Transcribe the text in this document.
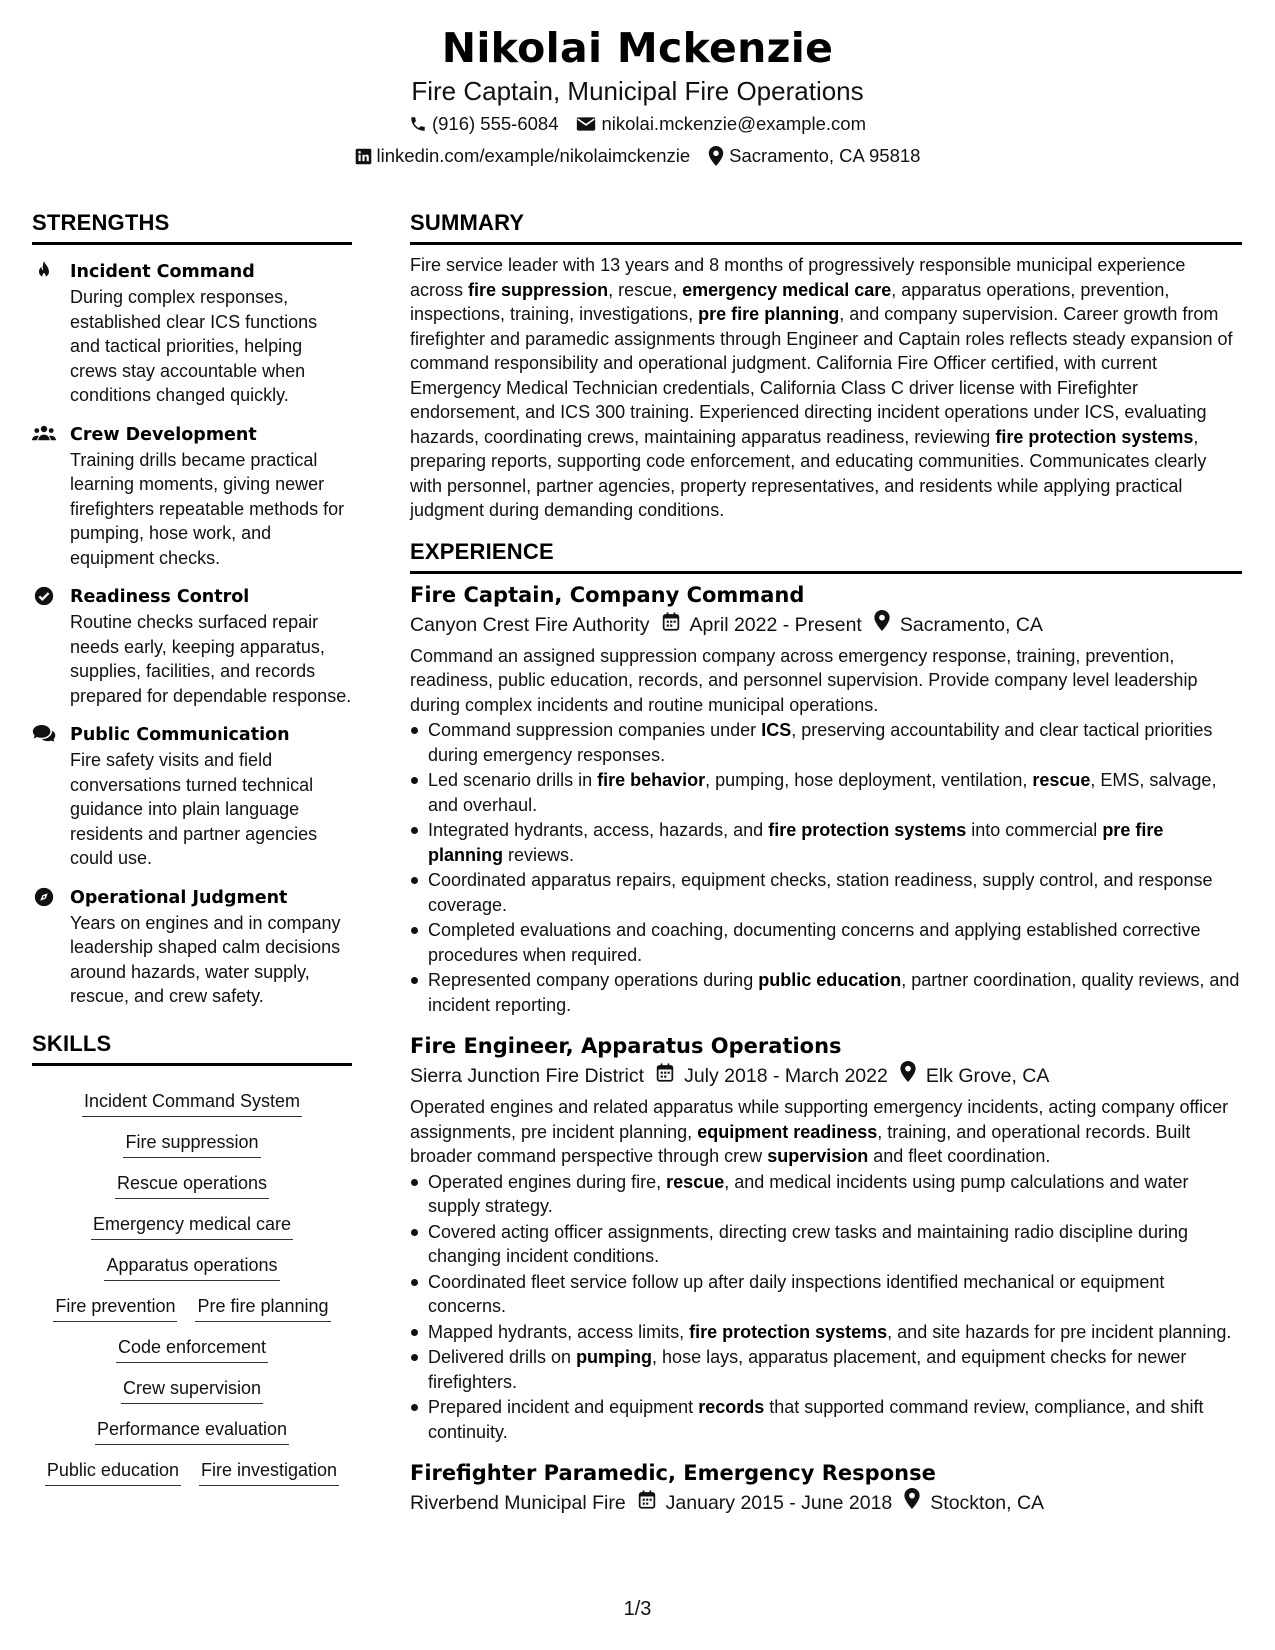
Nikolai Mckenzie
Fire Captain, Municipal Fire Operations
(916) 555-6084 nikolai.mckenzie@example.com
linkedin.com/example/nikolaimckenzie Sacramento, CA 95818
STRENGTHS
Incident Command
During complex responses, established clear ICS functions and tactical priorities, helping crews stay accountable when conditions changed quickly.
Crew Development
Training drills became practical learning moments, giving newer firefighters repeatable methods for pumping, hose work, and equipment checks.
Readiness Control
Routine checks surfaced repair needs early, keeping apparatus, supplies, facilities, and records prepared for dependable response.
Public Communication
Fire safety visits and field conversations turned technical guidance into plain language residents and partner agencies could use.
Operational Judgment
Years on engines and in company leadership shaped calm decisions around hazards, water supply, rescue, and crew safety.
SKILLS
Incident Command System
Fire suppression
Rescue operations
Emergency medical care
Apparatus operations
Fire prevention Pre fire planning
Code enforcement
Crew supervision
Performance evaluation
Public education Fire investigation
SUMMARY
Fire service leader with 13 years and 8 months of progressively responsible municipal experience across fire suppression, rescue, emergency medical care, apparatus operations, prevention, inspections, training, investigations, pre fire planning, and company supervision. Career growth from firefighter and paramedic assignments through Engineer and Captain roles reflects steady expansion of command responsibility and operational judgment. California Fire Officer certified, with current Emergency Medical Technician credentials, California Class C driver license with Firefighter endorsement, and ICS 300 training. Experienced directing incident operations under ICS, evaluating hazards, coordinating crews, maintaining apparatus readiness, reviewing fire protection systems, preparing reports, supporting code enforcement, and educating communities. Communicates clearly with personnel, partner agencies, property representatives, and residents while applying practical judgment during demanding conditions.
EXPERIENCE
Fire Captain, Company Command
Canyon Crest Fire Authority April 2022 - Present Sacramento, CA
Command an assigned suppression company across emergency response, training, prevention, readiness, public education, records, and personnel supervision. Provide company level leadership during complex incidents and routine municipal operations.
Command suppression companies under ICS, preserving accountability and clear tactical priorities during emergency responses.
Led scenario drills in fire behavior, pumping, hose deployment, ventilation, rescue, EMS, salvage, and overhaul.
Integrated hydrants, access, hazards, and fire protection systems into commercial pre fire planning reviews.
Coordinated apparatus repairs, equipment checks, station readiness, supply control, and response coverage.
Completed evaluations and coaching, documenting concerns and applying established corrective procedures when required.
Represented company operations during public education, partner coordination, quality reviews, and incident reporting.
Fire Engineer, Apparatus Operations
Sierra Junction Fire District July 2018 - March 2022 Elk Grove, CA
Operated engines and related apparatus while supporting emergency incidents, acting company officer assignments, pre incident planning, equipment readiness, training, and operational records. Built broader command perspective through crew supervision and fleet coordination.
Operated engines during fire, rescue, and medical incidents using pump calculations and water supply strategy.
Covered acting officer assignments, directing crew tasks and maintaining radio discipline during changing incident conditions.
Coordinated fleet service follow up after daily inspections identified mechanical or equipment concerns.
Mapped hydrants, access limits, fire protection systems, and site hazards for pre incident planning.
Delivered drills on pumping, hose lays, apparatus placement, and equipment checks for newer firefighters.
Prepared incident and equipment records that supported command review, compliance, and shift continuity.
Firefighter Paramedic, Emergency Response
Riverbend Municipal Fire January 2015 - June 2018 Stockton, CA
1/3
